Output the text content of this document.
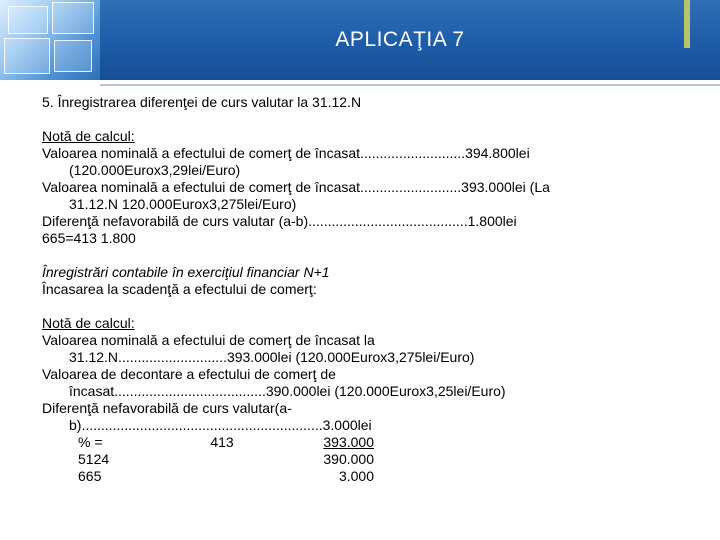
APLICAŢIA 7

5. Înregistrarea diferenţei de curs valutar la 31.12.N

Notă de calcul:

Valoarea nominală a efectului de comerţ de încasat...........................394.800lei

(120.000Eurox3,29lei/Euro)

Valoarea nominală a efectului de comerţ de încasat..........................393.000lei (La

31.12.N 120.000Eurox3,275lei/Euro)

Diferenţă nefavorabilă de curs valutar (a-b).........................................1.800lei

665=413 1.800

Înregistrări contabile în exerciţiul financiar N+1

Încasarea la scadenţă a efectului de comerţ:

Notă de calcul:

Valoarea nominală a efectului de comerţ de încasat la

31.12.N............................393.000lei (120.000Eurox3,275lei/Euro)

Valoarea de decontare a efectului de comerţ de

încasat.......................................390.000lei (120.000Eurox3,25lei/Euro)

Diferenţă nefavorabilă de curs valutar(a-

b)..............................................................3.000lei

% =	413	393.000
5124		390.000
665		3.000
